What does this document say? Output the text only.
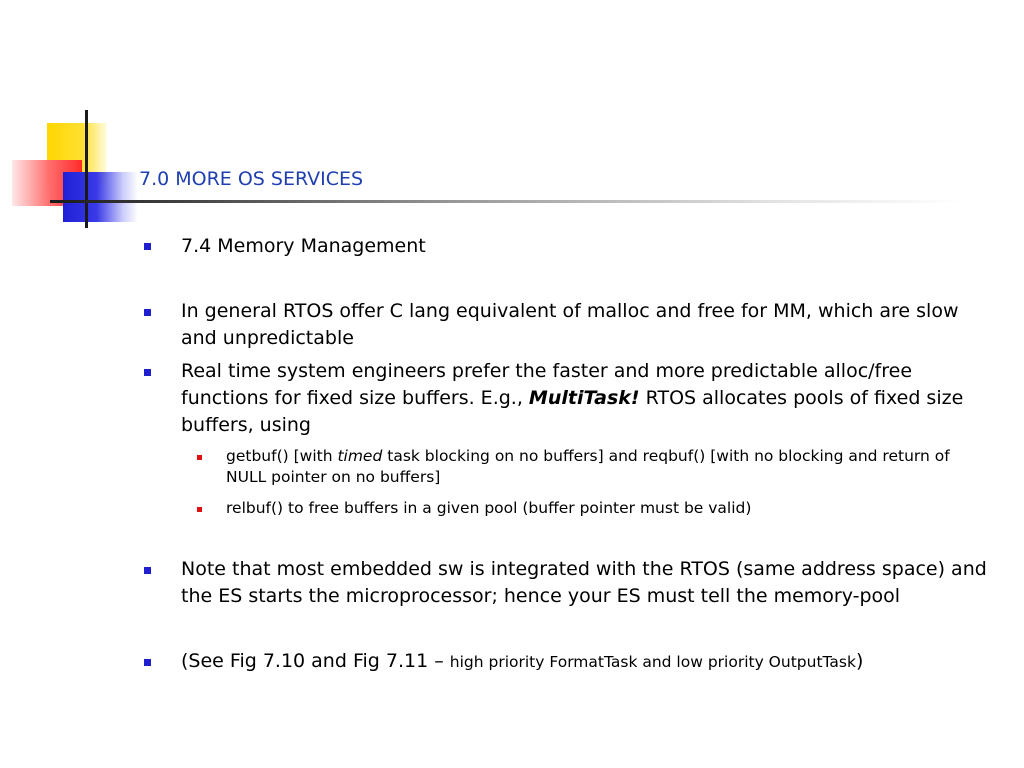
7.0 MORE OS SERVICES
7.4 Memory Management
In general RTOS offer C lang equivalent of malloc and free for MM, which are slow and unpredictable
Real time system engineers prefer the faster and more predictable alloc/free functions for fixed size buffers. E.g., MultiTask! RTOS allocates pools of fixed size buffers, using
getbuf() [with timed task blocking on no buffers] and reqbuf() [with no blocking and return of NULL pointer on no buffers]
relbuf() to free buffers in a given pool (buffer pointer must be valid)
Note that most embedded sw is integrated with the RTOS (same address space) and the ES starts the microprocessor; hence your ES must tell the memory-pool
(See Fig 7.10 and Fig 7.11 – high priority FormatTask and low priority OutputTask)
